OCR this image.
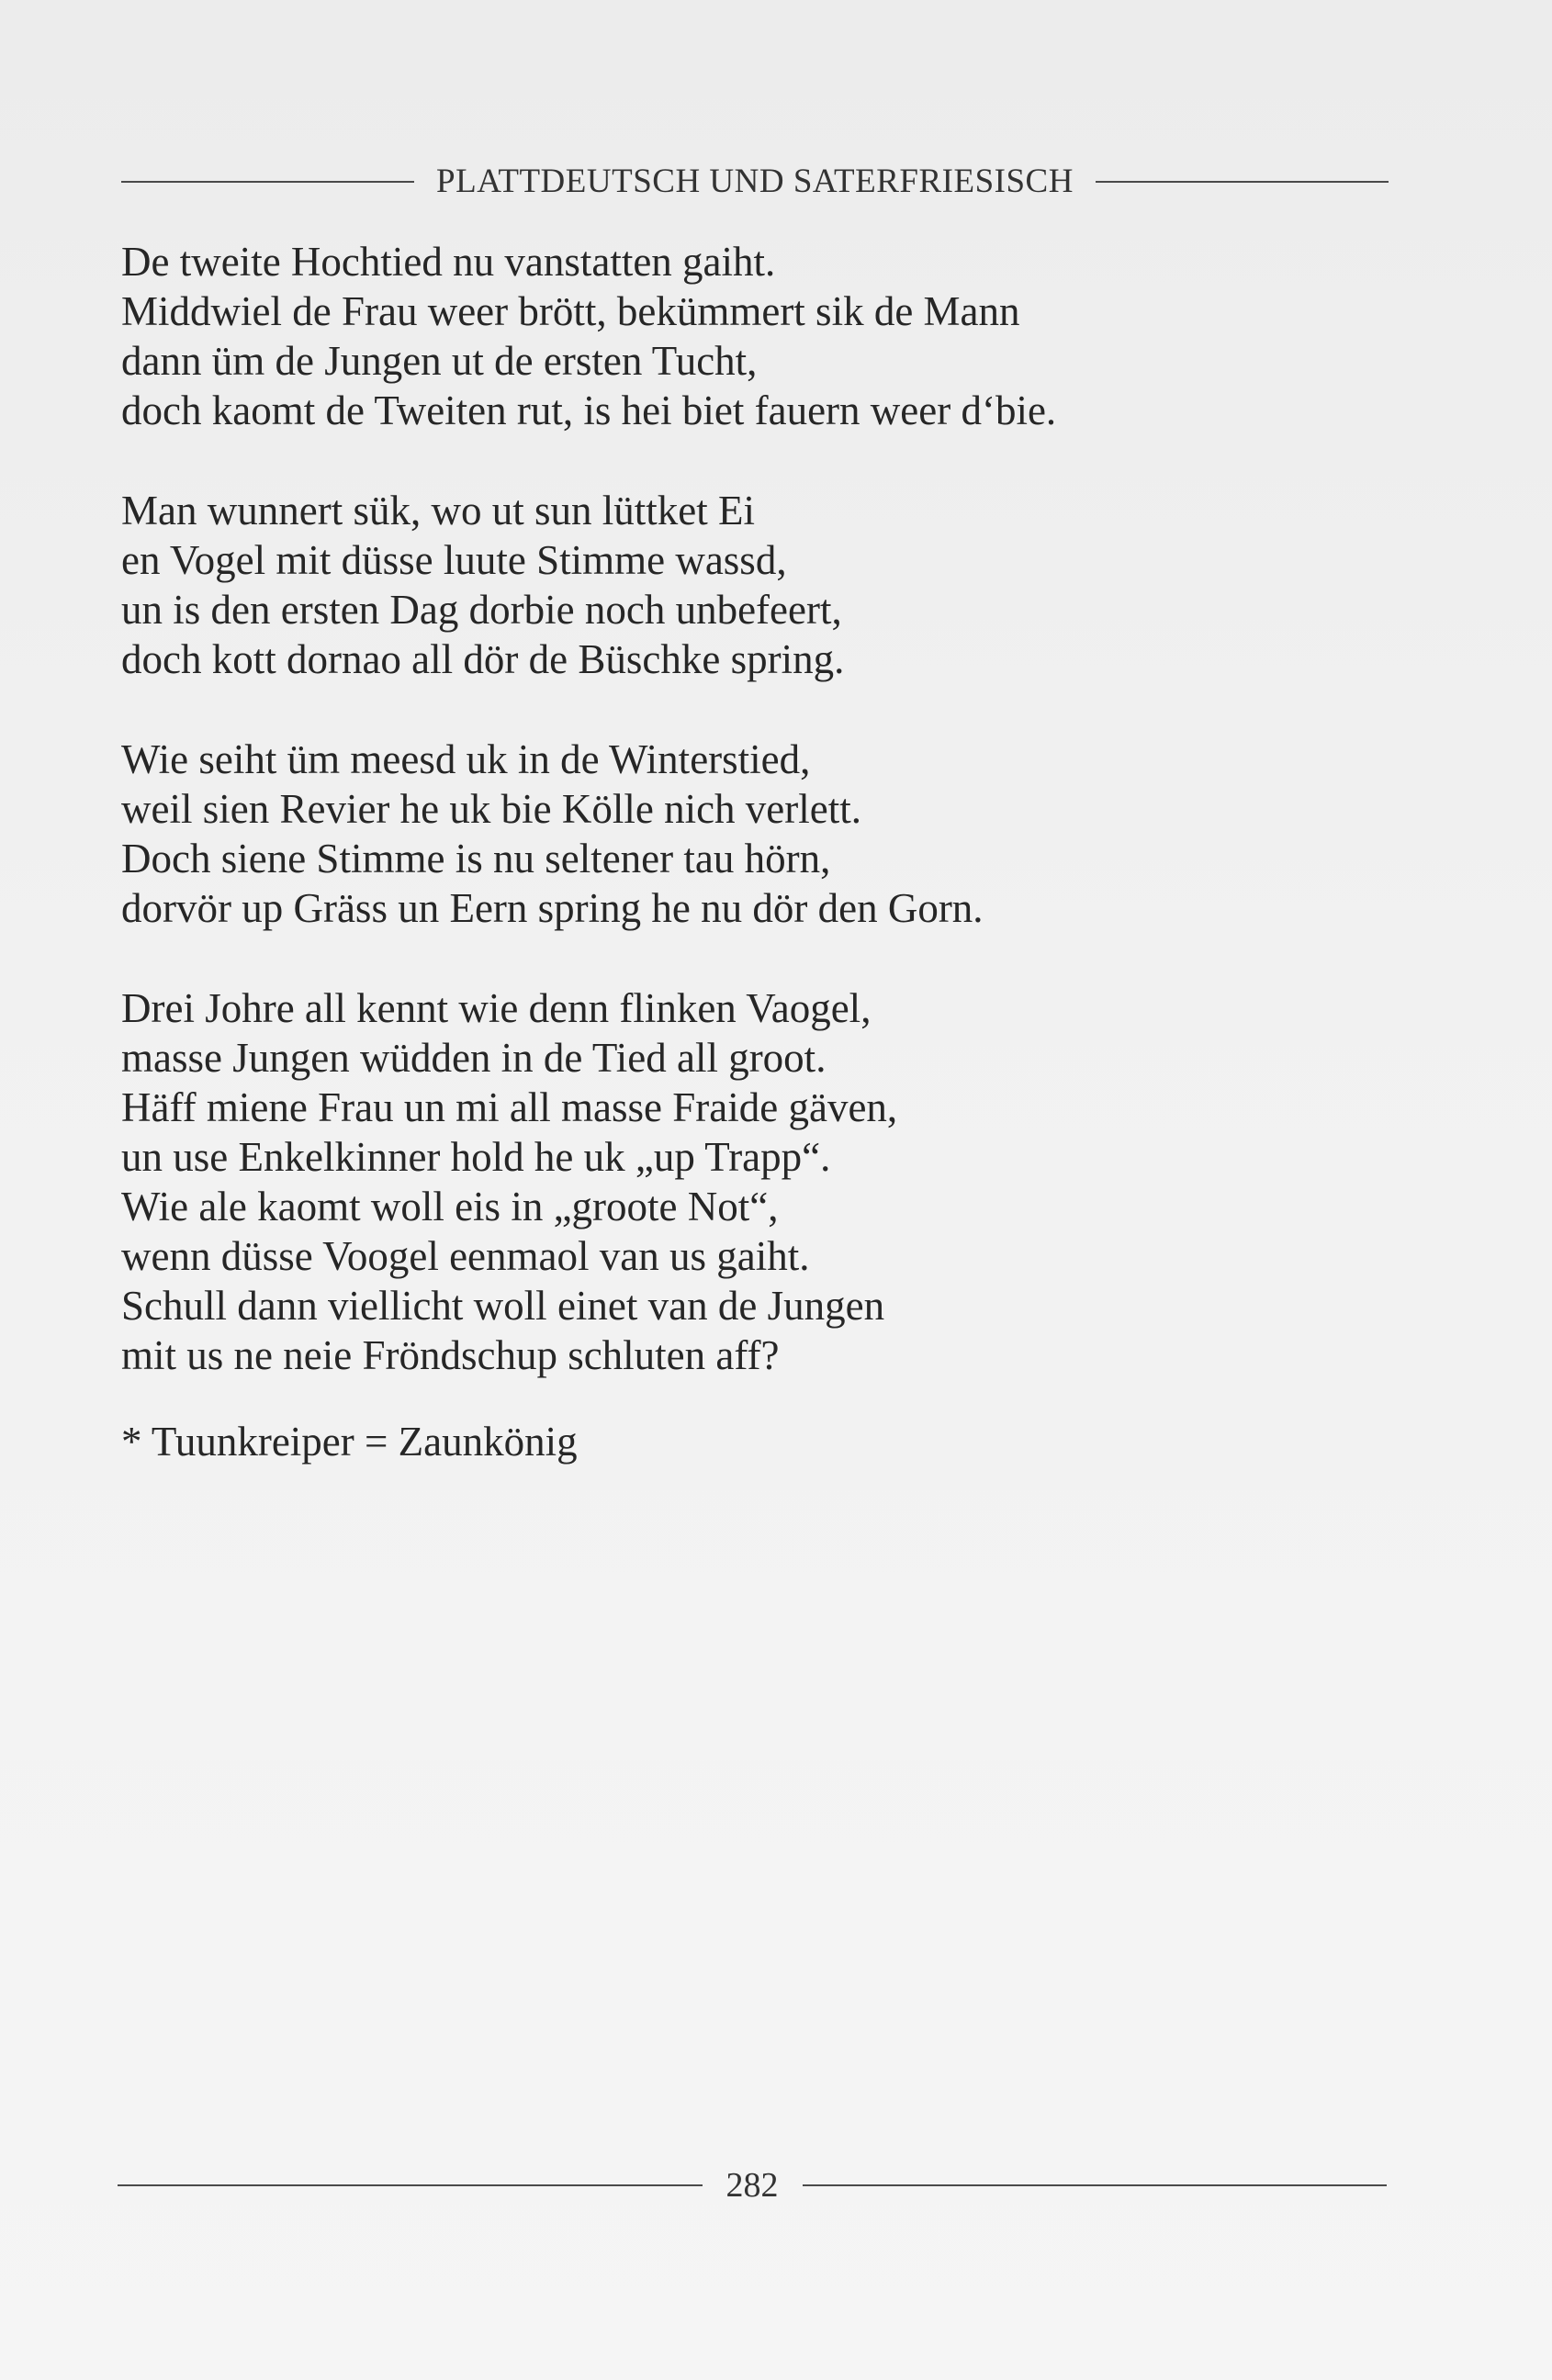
PLATTDEUTSCH UND SATERFRIESISCH
De tweite Hochtied nu vanstatten gaiht.
Middwiel de Frau weer brött, bekümmert sik de Mann
dann üm de Jungen ut de ersten Tucht,
doch kaomt de Tweiten rut, is hei biet fauern weer d‘bie.
Man wunnert sük, wo ut sun lüttket Ei
en Vogel mit düsse luute Stimme wassd,
un is den ersten Dag dorbie noch unbefeert,
doch kott dornao all dör de Büschke spring.
Wie seiht üm meesd uk in de Winterstied,
weil sien Revier he uk bie Kölle nich verlett.
Doch siene Stimme is nu seltener tau hörn,
dorvör up Gräss un Eern spring he nu dör den Gorn.
Drei Johre all kennt wie denn flinken Vaogel,
masse Jungen wüdden in de Tied all groot.
Häff miene Frau un mi all masse Fraide gäven,
un use Enkelkinner hold he uk „up Trapp“.
Wie ale kaomt woll eis in „groote Not“,
wenn düsse Voogel eenmaol van us gaiht.
Schull dann viellicht woll einet van de Jungen
mit us ne neie Fröndschup schluten aff?
* Tuunkreiper = Zaunkönig
282
